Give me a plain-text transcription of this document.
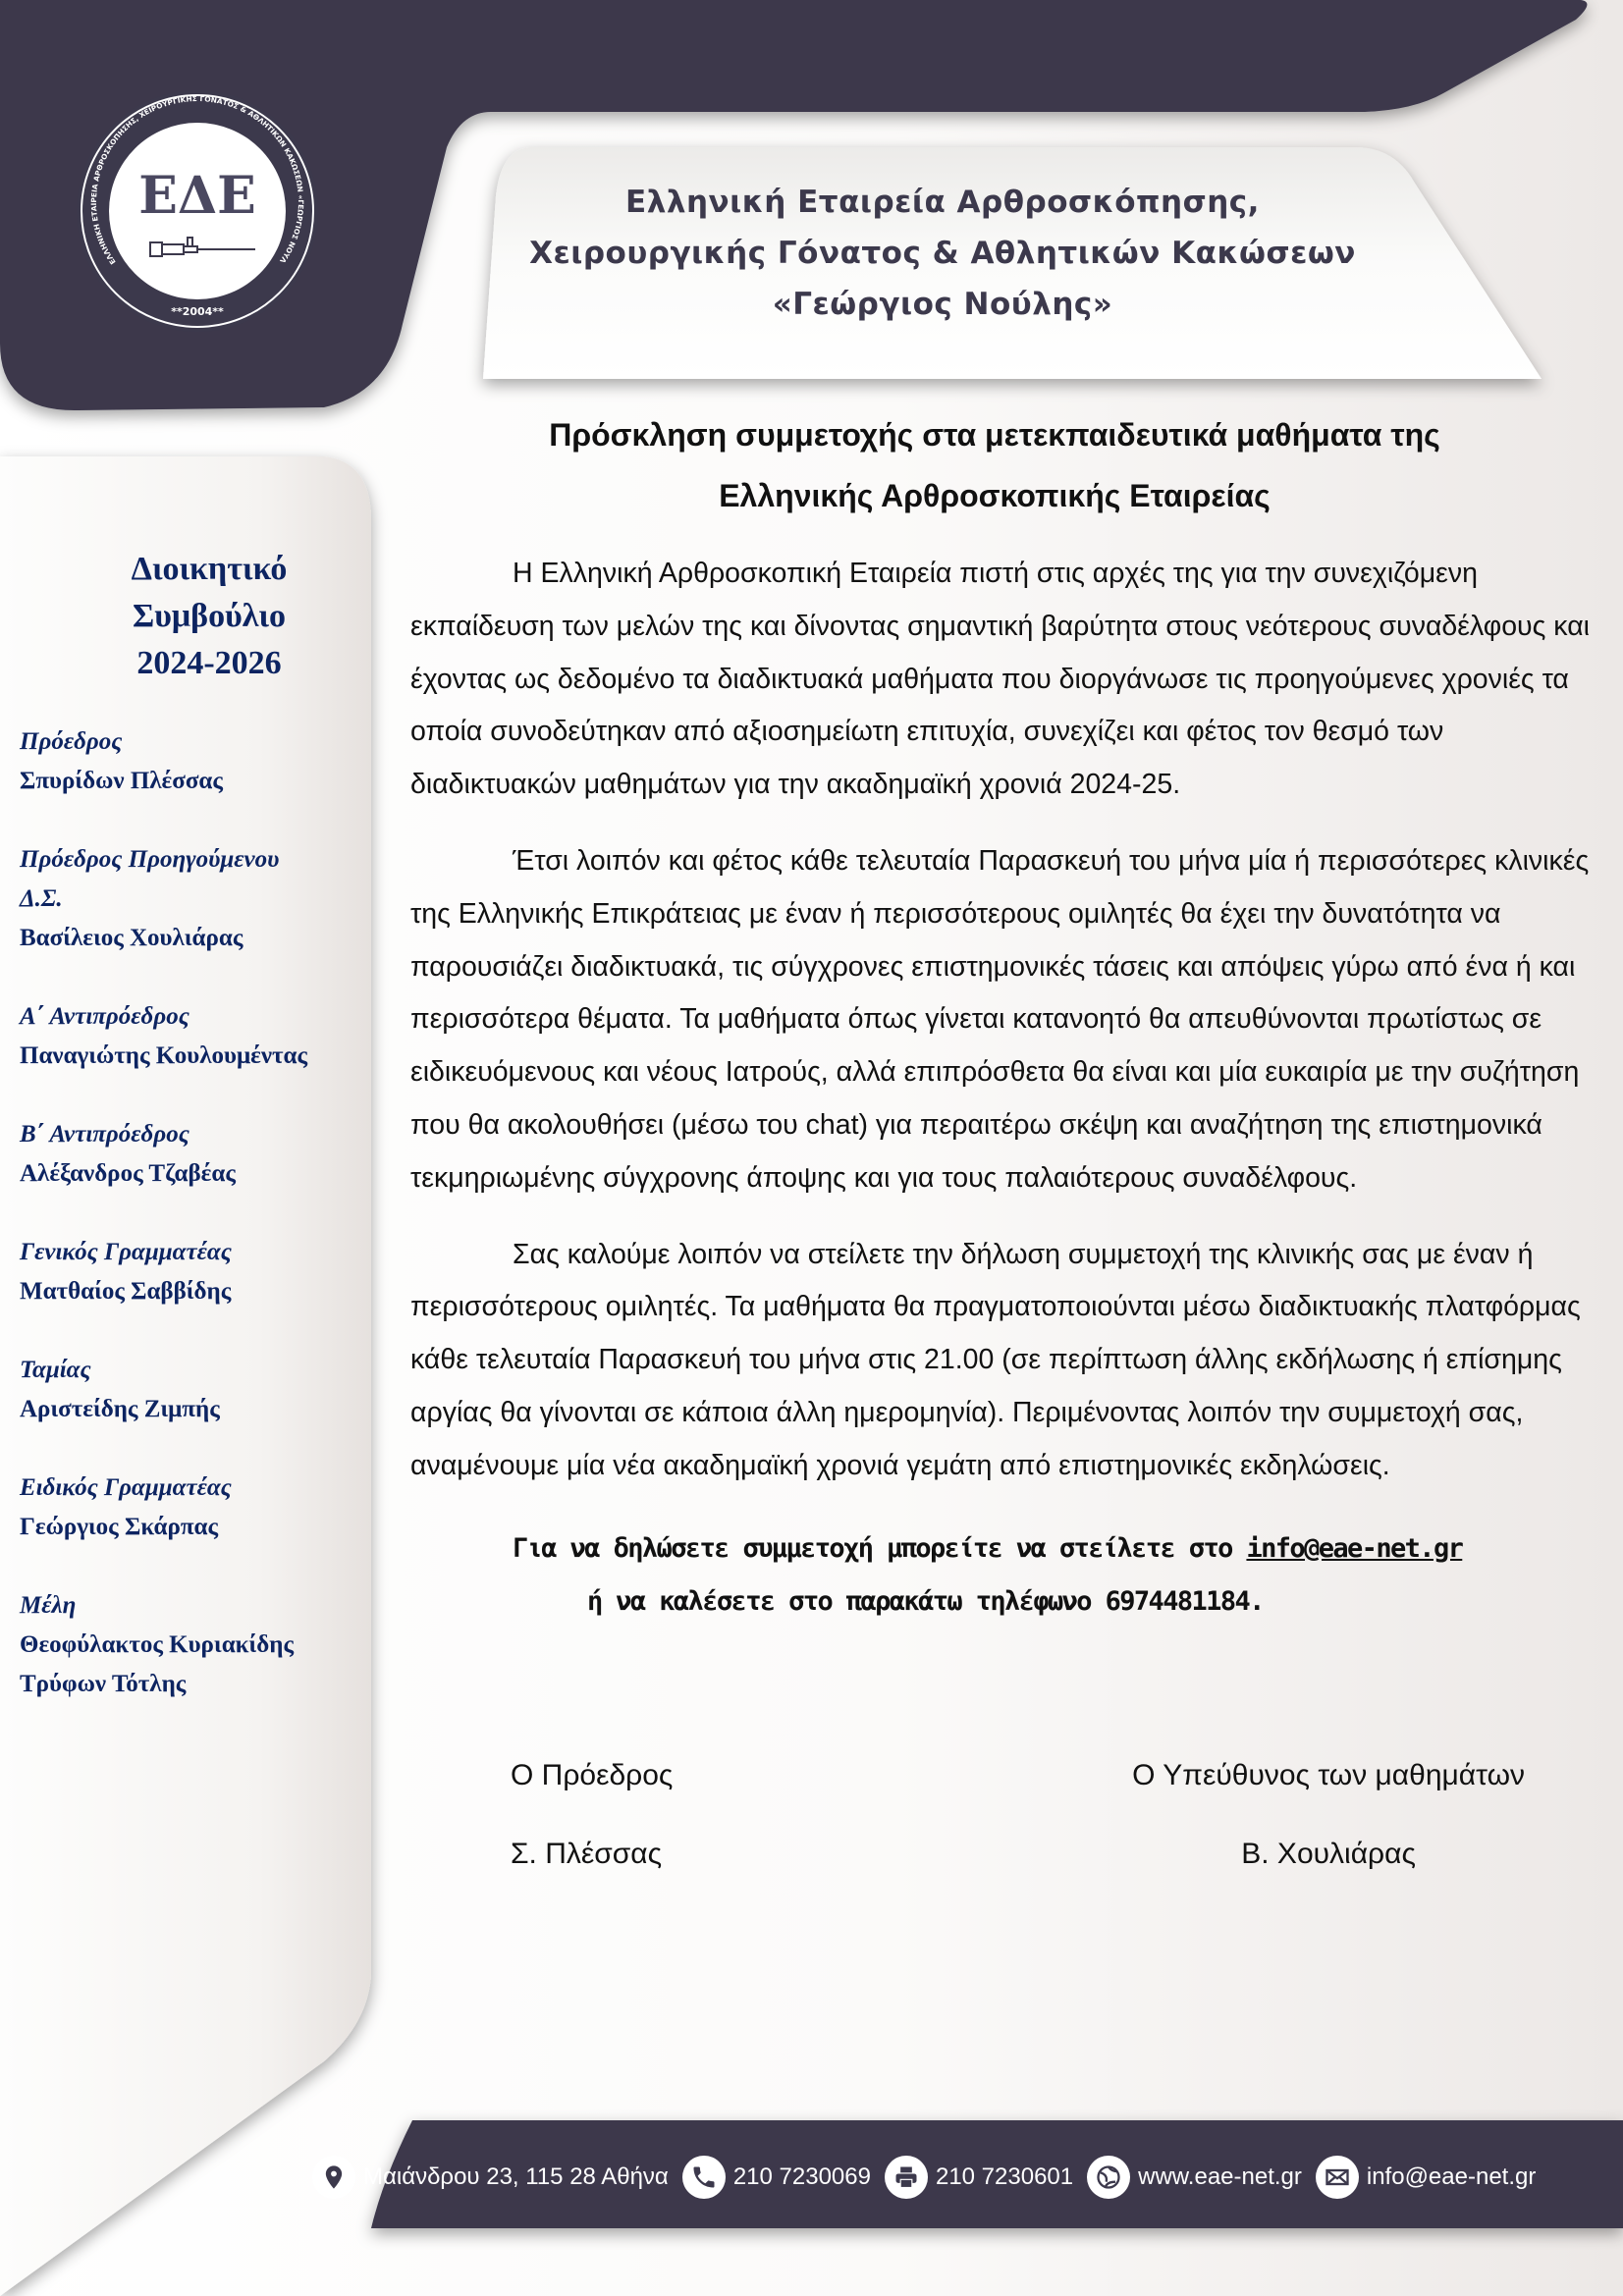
ΕΛΛΗΝΙΚΗ ΕΤΑΙΡΕΙΑ ΑΡΘΡΟΣΚΟΠΗΣΗΣ, ΧΕΙΡΟΥΡΓΙΚΗΣ ΓΟΝΑΤΟΣ & ΑΘΛΗΤΙΚΩΝ ΚΑΚΩΣΕΩΝ «ΓΕΩΡΓΙΟΣ ΝΟΥΛ
ΕΔΕ
**2004**
Ελληνική Εταιρεία Αρθροσκόπησης,
Χειρουργικής Γόνατος & Αθλητικών Κακώσεων
«Γεώργιος Νούλης»
Διοικητικό
Συμβούλιο
2024-2026
Πρόεδρος
Σπυρίδων Πλέσσας
Πρόεδρος Προηγούμενου
Δ.Σ.
Βασίλειος Χουλιάρας
Α΄ Αντιπρόεδρος
Παναγιώτης Κουλουμέντας
Β΄ Αντιπρόεδρος
Αλέξανδρος Τζαβέας
Γενικός Γραμματέας
Ματθαίος Σαββίδης
Ταμίας
Αριστείδης Ζιμπής
Ειδικός Γραμματέας
Γεώργιος Σκάρπας
Μέλη
Θεοφύλακτος Κυριακίδης
Τρύφων Τότλης
Πρόσκληση συμμετοχής στα μετεκπαιδευτικά μαθήματα της
Ελληνικής Αρθροσκοπικής Εταιρείας

Η Ελληνική Αρθροσκοπική Εταιρεία πιστή στις αρχές της για την συνεχιζόμενη εκπαίδευση των μελών της και δίνοντας σημαντική βαρύτητα στους νεότερους συναδέλφους και έχοντας ως δεδομένο τα διαδικτυακά μαθήματα που διοργάνωσε τις προηγούμενες χρονιές τα οποία συνοδεύτηκαν από αξιοσημείωτη επιτυχία, συνεχίζει και φέτος τον θεσμό των διαδικτυακών μαθημάτων για την ακαδημαϊκή χρονιά 2024-25.

Έτσι λοιπόν και φέτος κάθε τελευταία Παρασκευή του μήνα μία ή περισσότερες κλινικές της Ελληνικής Επικράτειας με έναν ή περισσότερους ομιλητές θα έχει την δυνατότητα να παρουσιάζει διαδικτυακά, τις σύγχρονες επιστημονικές τάσεις και απόψεις γύρω από ένα ή και περισσότερα θέματα. Τα μαθήματα όπως γίνεται κατανοητό θα απευθύνονται πρωτίστως σε ειδικευόμενους και νέους Ιατρούς, αλλά επιπρόσθετα θα είναι και μία ευκαιρία με την συζήτηση που θα ακολουθήσει (μέσω του chat) για περαιτέρω σκέψη και αναζήτηση της επιστημονικά τεκμηριωμένης σύγχρονης άποψης και για τους παλαιότερους συναδέλφους.

Σας καλούμε λοιπόν να στείλετε την δήλωση συμμετοχή της κλινικής σας με έναν ή περισσότερους ομιλητές. Τα μαθήματα θα πραγματοποιούνται μέσω διαδικτυακής πλατφόρμας κάθε τελευταία Παρασκευή του μήνα στις 21.00 (σε περίπτωση άλλης εκδήλωσης ή επίσημης αργίας θα γίνονται σε κάποια άλλη ημερομηνία). Περιμένοντας λοιπόν την συμμετοχή σας, αναμένουμε μία νέα ακαδημαϊκή χρονιά γεμάτη από επιστημονικές εκδηλώσεις.

Για να δηλώσετε συμμετοχή μπορείτε να στείλετε στο info@eae-net.gr
ή να καλέσετε στο παρακάτω τηλέφωνο 6974481184.
Ο Πρόεδρος
Σ. Πλέσσας
Ο Υπεύθυνος των μαθημάτων
Β. Χουλιάρας
Μαιάνδρου 23, 115 28 Αθήνα	210 7230069	210 7230601	www.eae-net.gr	info@eae-net.gr
